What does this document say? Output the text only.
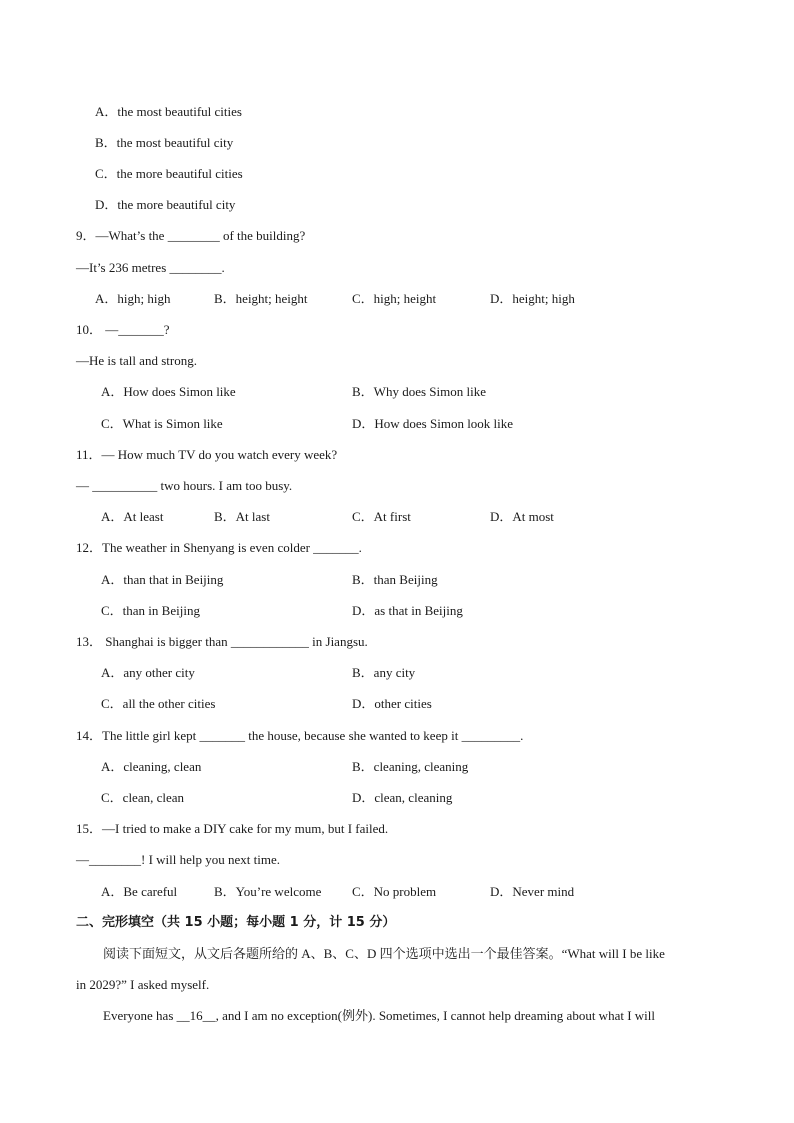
A．the most beautiful cities
B．the most beautiful city
C．the more beautiful cities
D．the more beautiful city
9．—What’s the ________ of the building?
—It’s 236 metres ________.
A．high; high	B．height; height	C．high; height	D．height; high
10． —_______?
—He is tall and strong.
A．How does Simon like	B．Why does Simon like
C．What is Simon like	D．How does Simon look like
11．— How much TV do you watch every week?
— __________ two hours. I am too busy.
A．At least	B．At last	C．At first	D．At most
12．The weather in Shenyang is even colder _______.
A．than that in Beijing	B．than Beijing
C．than in Beijing	D．as that in Beijing
13． Shanghai is bigger than ____________ in Jiangsu.
A．any other city	B．any city
C．all the other cities	D．other cities
14．The little girl kept _______ the house, because she wanted to keep it _________.
A．cleaning, clean	B．cleaning, cleaning
C．clean, clean	D．clean, cleaning
15．—I tried to make a DIY cake for my mum, but I failed.
—________! I will help you next time.
A．Be careful	B．You’re welcome C．No problem	D．Never mind
二、完形填空（共 15 小题；每小题 1 分，计 15 分）
阅读下面短文，从文后各题所给的 A、B、C、D 四个选项中选出一个最佳答案。“What will I be like
in 2029?” I asked myself.
Everyone has __16__, and I am no exception(例外). Sometimes, I cannot help dreaming about what I will
